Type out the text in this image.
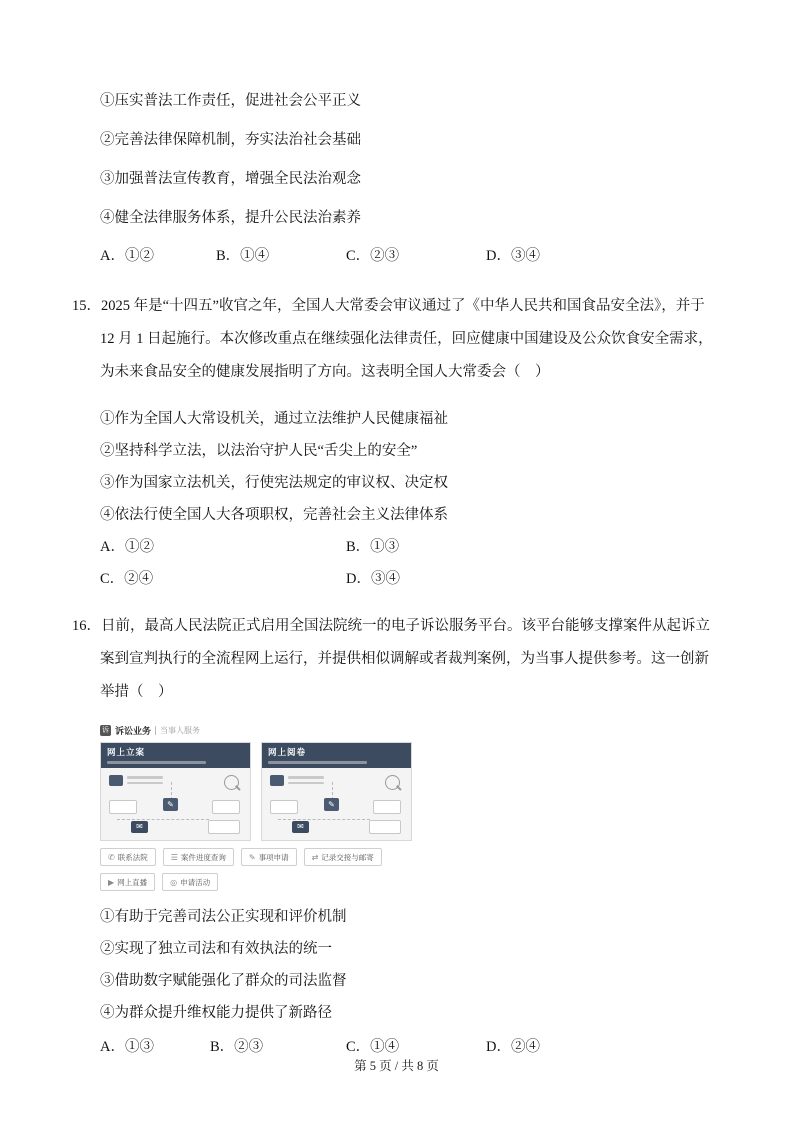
①压实普法工作责任，促进社会公平正义
②完善法律保障机制，夯实法治社会基础
③加强普法宣传教育，增强全民法治观念
④健全法律服务体系，提升公民法治素养
A．①②	B．①④	C．②③	D．③④

15．2025 年是“十四五”收官之年，全国人大常委会审议通过了《中华人民共和国食品安全法》，并于 12 月 1 日起施行。本次修改重点在继续强化法律责任，回应健康中国建设及公众饮食安全需求，为未来食品安全的健康发展指明了方向。这表明全国人大常委会（　）

①作为全国人大常设机关，通过立法维护人民健康福祉
②坚持科学立法，以法治守护人民“舌尖上的安全”
③作为国家立法机关，行使宪法规定的审议权、决定权
④依法行使全国人大各项职权，完善社会主义法律体系
A．①②	B．①③
C．②④	D．③④

16．日前，最高人民法院正式启用全国法院统一的电子诉讼服务平台。该平台能够支撑案件从起诉立案到宣判执行的全流程网上运行，并提供相似调解或者裁判案例，为当事人提供参考。这一创新举措（　）

诉 诉讼业务 当事人服务
网上立案
✎
✉
网上阅卷
✎
✉
✆ 联系法院	☰ 案件进度查询	✎ 事项申请	⇄ 记录交接与邮寄
▶ 网上直播	◎ 申请活动
①有助于完善司法公正实现和评价机制
②实现了独立司法和有效执法的统一
③借助数字赋能强化了群众的司法监督
④为群众提升维权能力提供了新路径
A．①③	B．②③	C．①④	D．②④
第 5 页 / 共 8 页
